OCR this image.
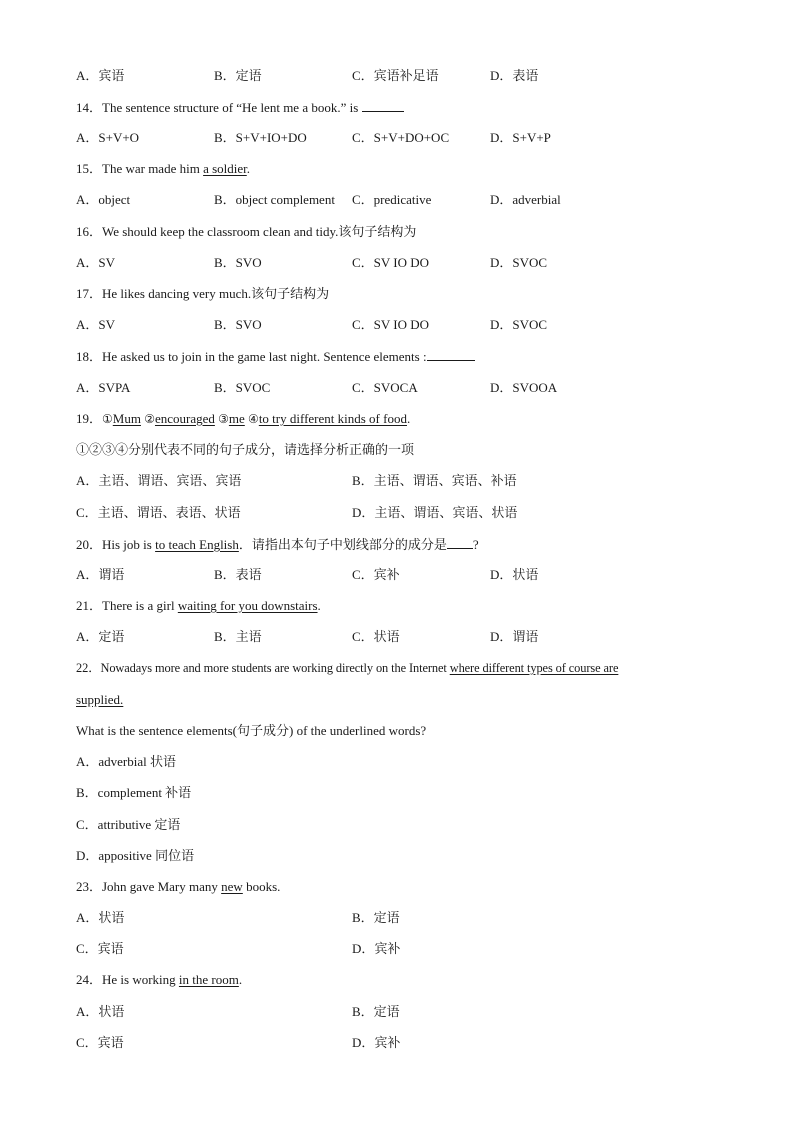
A．宾语	B．定语	C．宾语补足语	D．表语
14．The sentence structure of “He lent me a book.” is
A．S+V+O	B．S+V+IO+DO	C．S+V+DO+OC	D．S+V+P
15．The war made him a soldier.
A．object	B．object complement C．predicative	D．adverbial
16．We should keep the classroom clean and tidy.该句子结构为
A．SV	B．SVO	C．SV IO DO	D．SVOC
17．He likes dancing very much.该句子结构为
A．SV	B．SVO	C．SV IO DO	D．SVOC
18．He asked us to join in the game last night. Sentence elements :
A．SVPA	B．SVOC	C．SVOCA	D．SVOOA
19．①Mum ②encouraged ③me ④to try different kinds of food.
①②③④分别代表不同的句子成分，请选择分析正确的一项
A．主语、谓语、宾语、宾语	B．主语、谓语、宾语、补语
C．主语、谓语、表语、状语	D．主语、谓语、宾语、状语
20．His job is to teach English．请指出本句子中划线部分的成分是 ?
A．谓语	B．表语	C．宾补	D．状语
21．There is a girl waiting for you downstairs.
A．定语	B．主语	C．状语	D．谓语
22．Nowadays more and more students are working directly on the Internet where different types of course are
supplied.
What is the sentence elements(句子成分) of the underlined words?
A．adverbial 状语
B．complement 补语
C．attributive 定语
D．appositive 同位语
23．John gave Mary many new books.
A．状语	B．定语
C．宾语	D．宾补
24．He is working in the room.
A．状语	B．定语
C．宾语	D．宾补
